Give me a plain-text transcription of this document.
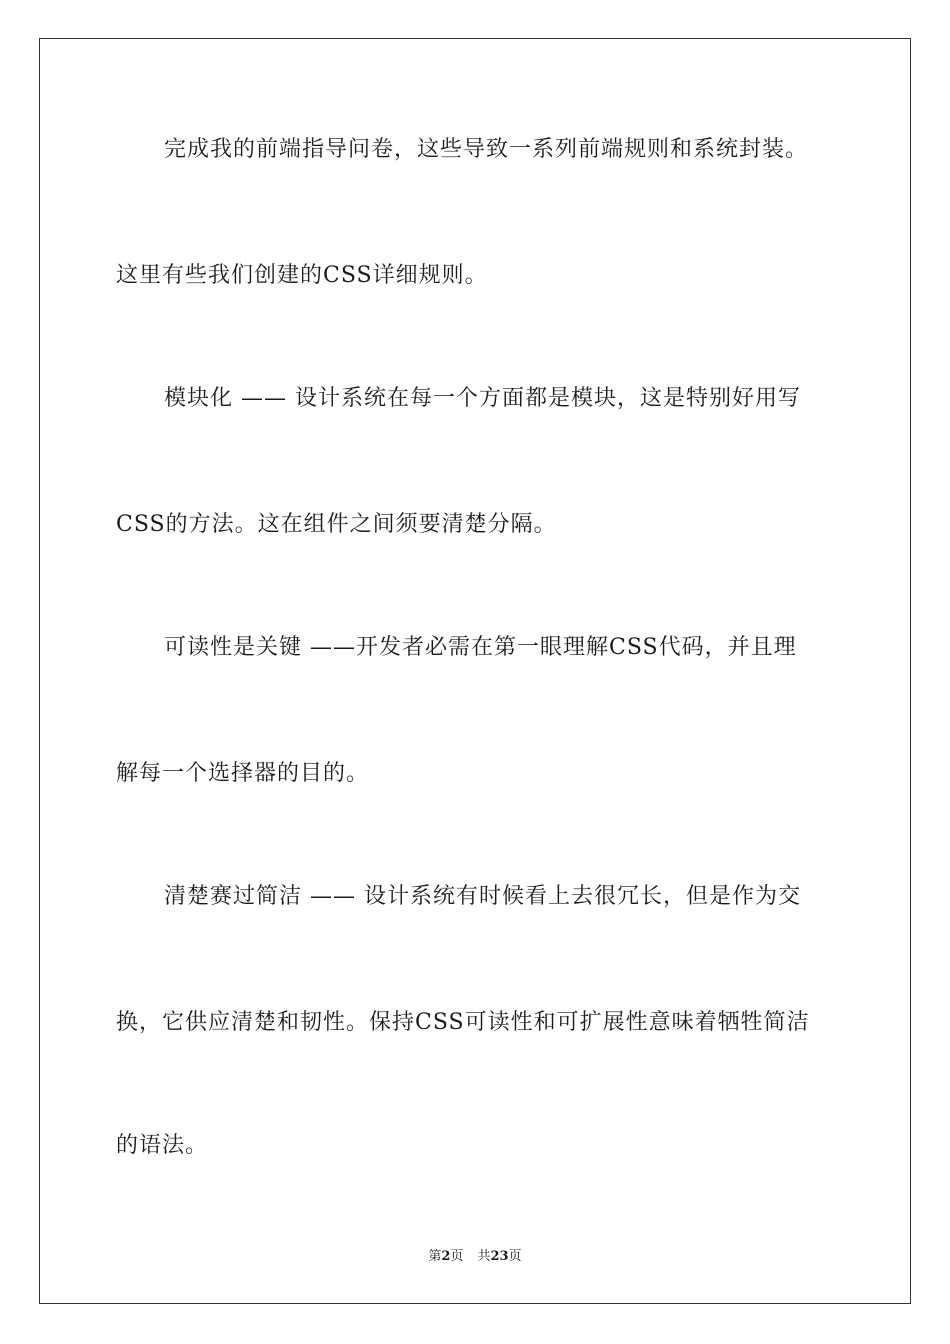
完成我的前端指导问卷，这些导致一系列前端规则和系统封装。
这里有些我们创建的CSS详细规则。
模块化 —— 设计系统在每一个方面都是模块，这是特别好用写
CSS的方法。这在组件之间须要清楚分隔。
可读性是关键 ——开发者必需在第一眼理解CSS代码，并且理
解每一个选择器的目的。
清楚赛过简洁 —— 设计系统有时候看上去很冗长，但是作为交
换，它供应清楚和韧性。保持CSS可读性和可扩展性意味着牺牲简洁
的语法。
第2页 共23页
